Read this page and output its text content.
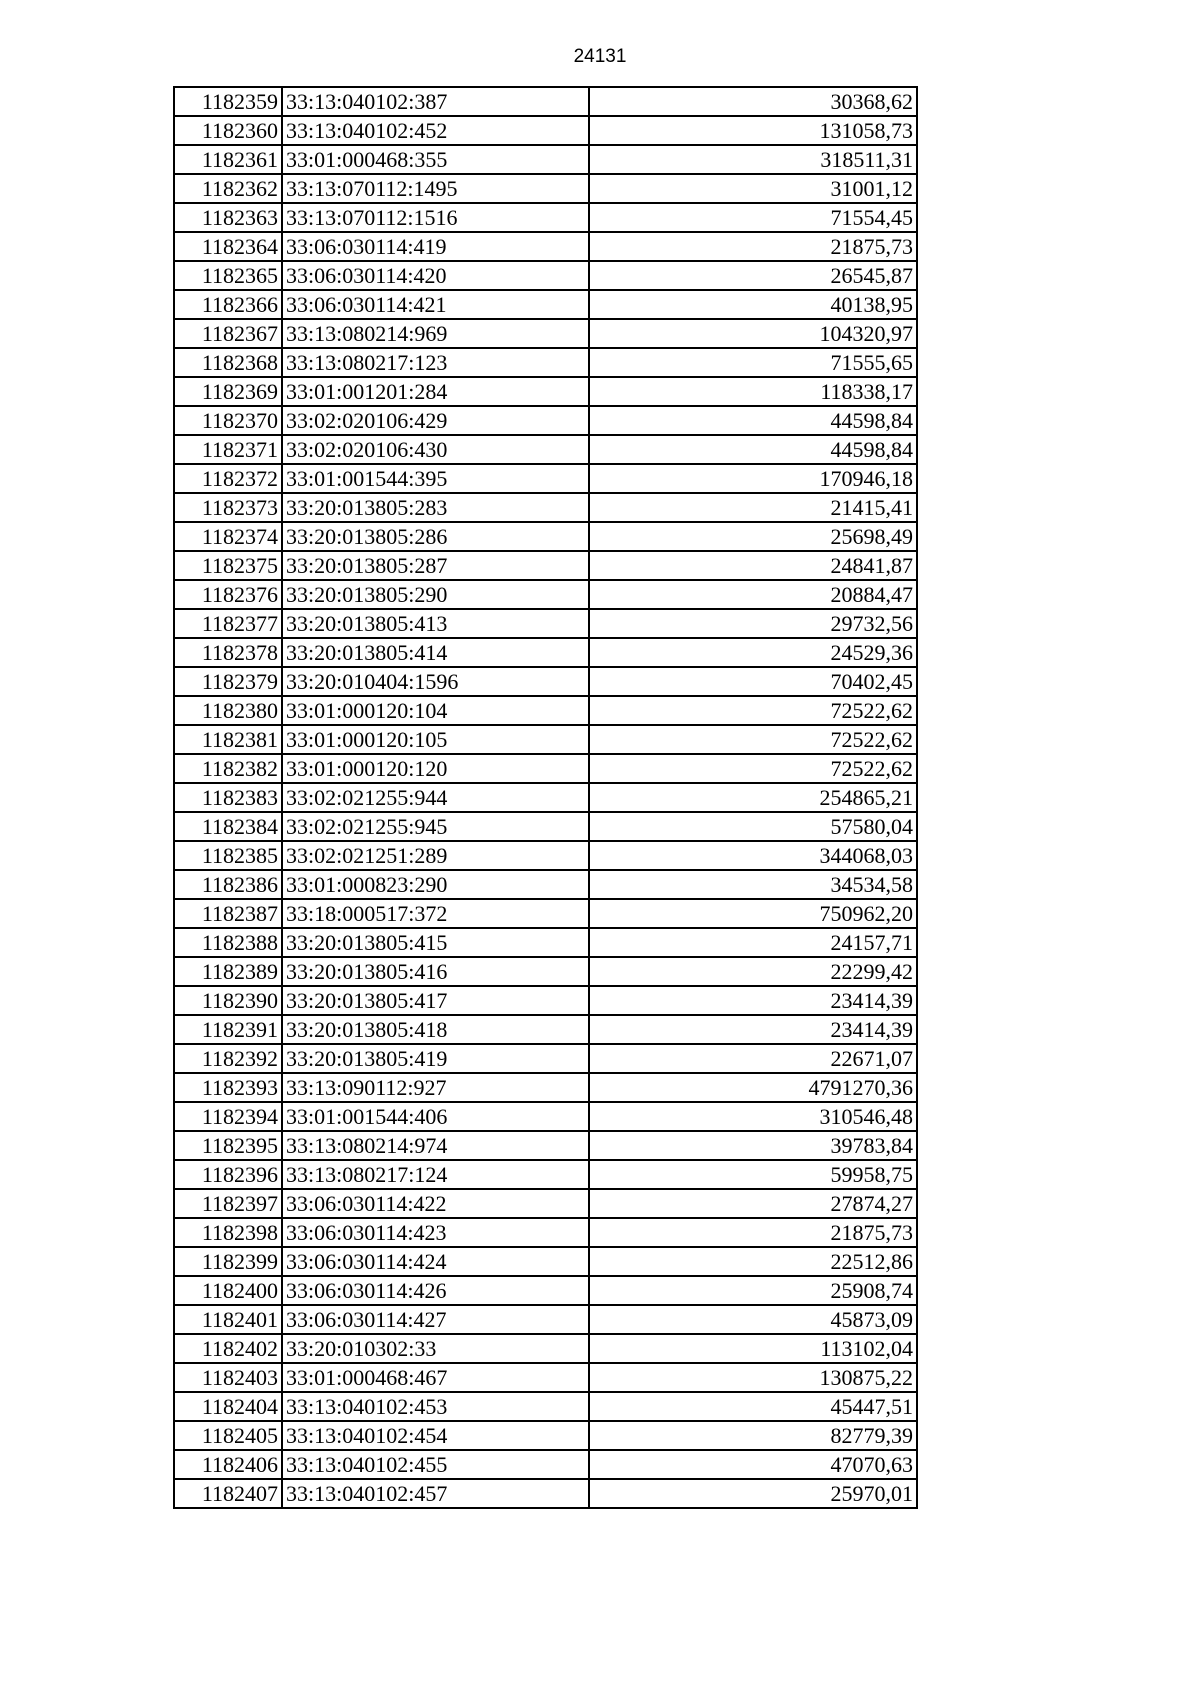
24131
1182359	33:13:040102:387	30368,62
1182360	33:13:040102:452	131058,73
1182361	33:01:000468:355	318511,31
1182362	33:13:070112:1495	31001,12
1182363	33:13:070112:1516	71554,45
1182364	33:06:030114:419	21875,73
1182365	33:06:030114:420	26545,87
1182366	33:06:030114:421	40138,95
1182367	33:13:080214:969	104320,97
1182368	33:13:080217:123	71555,65
1182369	33:01:001201:284	118338,17
1182370	33:02:020106:429	44598,84
1182371	33:02:020106:430	44598,84
1182372	33:01:001544:395	170946,18
1182373	33:20:013805:283	21415,41
1182374	33:20:013805:286	25698,49
1182375	33:20:013805:287	24841,87
1182376	33:20:013805:290	20884,47
1182377	33:20:013805:413	29732,56
1182378	33:20:013805:414	24529,36
1182379	33:20:010404:1596	70402,45
1182380	33:01:000120:104	72522,62
1182381	33:01:000120:105	72522,62
1182382	33:01:000120:120	72522,62
1182383	33:02:021255:944	254865,21
1182384	33:02:021255:945	57580,04
1182385	33:02:021251:289	344068,03
1182386	33:01:000823:290	34534,58
1182387	33:18:000517:372	750962,20
1182388	33:20:013805:415	24157,71
1182389	33:20:013805:416	22299,42
1182390	33:20:013805:417	23414,39
1182391	33:20:013805:418	23414,39
1182392	33:20:013805:419	22671,07
1182393	33:13:090112:927	4791270,36
1182394	33:01:001544:406	310546,48
1182395	33:13:080214:974	39783,84
1182396	33:13:080217:124	59958,75
1182397	33:06:030114:422	27874,27
1182398	33:06:030114:423	21875,73
1182399	33:06:030114:424	22512,86
1182400	33:06:030114:426	25908,74
1182401	33:06:030114:427	45873,09
1182402	33:20:010302:33	113102,04
1182403	33:01:000468:467	130875,22
1182404	33:13:040102:453	45447,51
1182405	33:13:040102:454	82779,39
1182406	33:13:040102:455	47070,63
1182407	33:13:040102:457	25970,01
